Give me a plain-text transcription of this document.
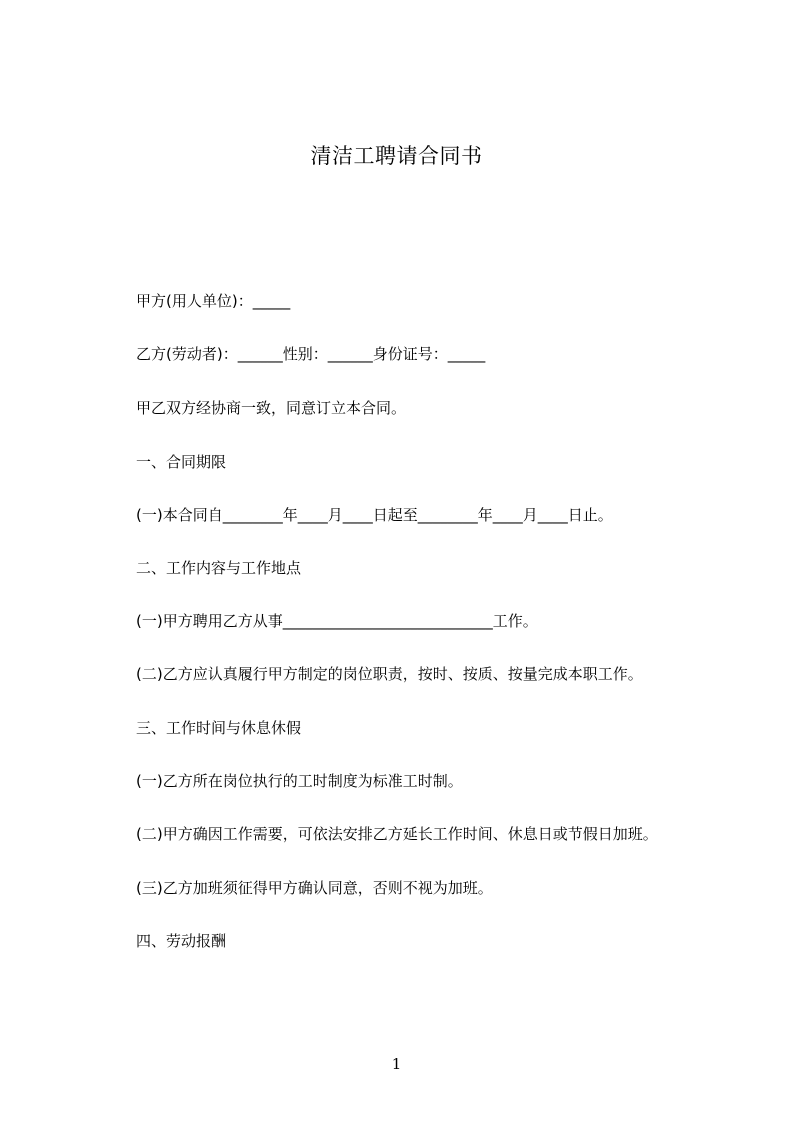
清洁工聘请合同书
甲方(用人单位)：_____
乙方(劳动者)：______性别：______身份证号：_____
甲乙双方经协商一致，同意订立本合同。
一、合同期限
(一)本合同自________年____月____日起至________年____月____日止。
二、工作内容与工作地点
(一)甲方聘用乙方从事____________________________工作。
(二)乙方应认真履行甲方制定的岗位职责，按时、按质、按量完成本职工作。
三、工作时间与休息休假
(一)乙方所在岗位执行的工时制度为标准工时制。
(二)甲方确因工作需要，可依法安排乙方延长工作时间、休息日或节假日加班。
(三)乙方加班须征得甲方确认同意，否则不视为加班。
四、劳动报酬
1
